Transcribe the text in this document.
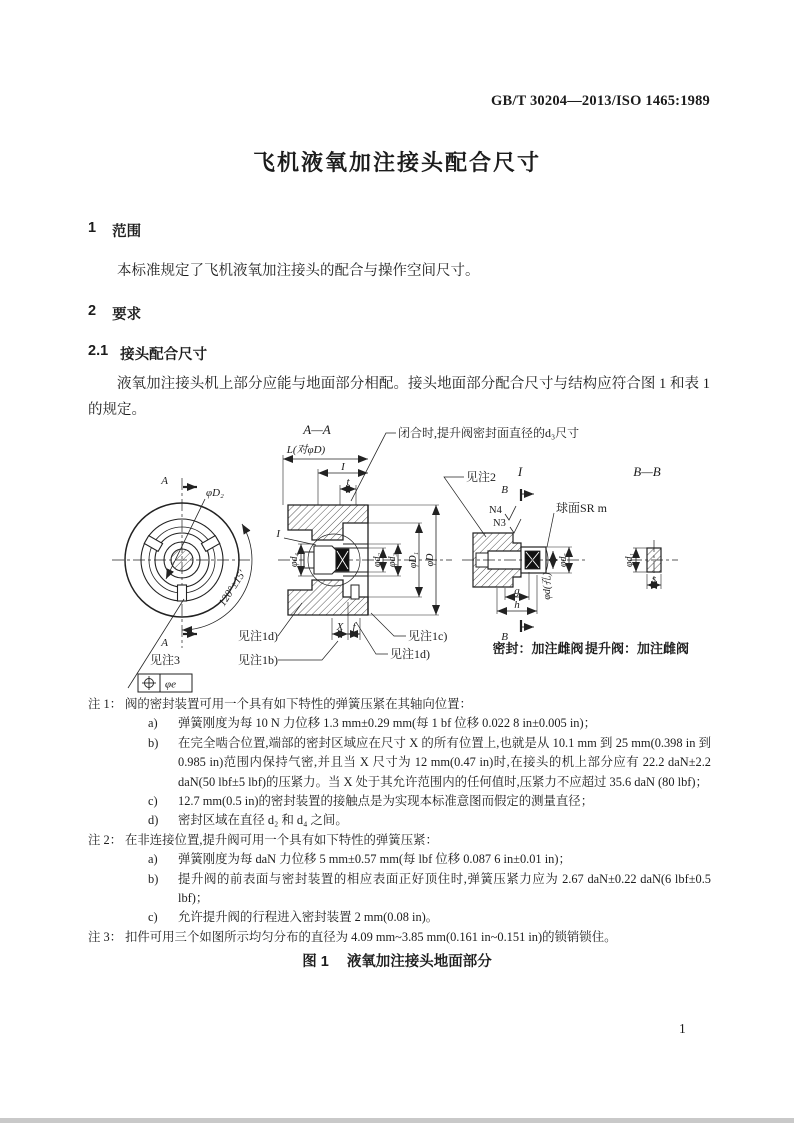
GB/T 30204—2013/ISO 1465:1989
飞机液氧加注接头配合尺寸
1 范围
本标准规定了飞机液氧加注接头的配合与操作空间尺寸。
2 要求
2.1 接头配合尺寸
液氧加注接头机上部分应能与地面部分相配。接头地面部分配合尺寸与结构应符合图 1 和表 1 的规定。
A
A
φD₂
120°±15′
见注3
φe
A—A
L(对φD)
I
t
闭合时,提升阀密封面直径的d₃尺寸
I
φd₄	φd₂ φd₃ φD₁ φD
X f
见注1d)
见注1b)
见注1c)
见注1d)
见注2 I
B
B
N4
N3
球面SR m
φd₅
φd(孔)
g
h
密封：加注雌阀
B—B
φd₁
s
提升阀：加注雌阀
注 1： 阀的密封装置可用一个具有如下特性的弹簧压紧在其轴向位置：
a)	弹簧刚度为每 10 N 力位移 1.3 mm±0.29 mm(每 1 bf 位移 0.022 8 in±0.005 in)；
b)	在完全啮合位置,端部的密封区域应在尺寸 X 的所有位置上,也就是从 10.1 mm 到 25 mm(0.398 in 到 0.985 in)范围内保持气密,并且当 X 尺寸为 12 mm(0.47 in)时,在接头的机上部分应有 22.2 daN±2.2 daN(50 lbf±5 lbf)的压紧力。当 X 处于其允许范围内的任何值时,压紧力不应超过 35.6 daN (80 lbf)；
c)	12.7 mm(0.5 in)的密封装置的接触点是为实现本标准意图而假定的测量直径；
d)	密封区域在直径 d₂ 和 d₄ 之间。
注 2： 在非连接位置,提升阀可用一个具有如下特性的弹簧压紧：
a)	弹簧刚度为每 daN 力位移 5 mm±0.57 mm(每 lbf 位移 0.087 6 in±0.01 in)；
b)	提升阀的前表面与密封装置的相应表面正好顶住时,弹簧压紧力应为 2.67 daN±0.22 daN(6 lbf±0.5 lbf)；
c)	允许提升阀的行程进入密封装置 2 mm(0.08 in)。
注 3： 扣件可用三个如图所示均匀分布的直径为 4.09 mm~3.85 mm(0.161 in~0.151 in)的锁销锁住。
图 1 液氧加注接头地面部分
1
